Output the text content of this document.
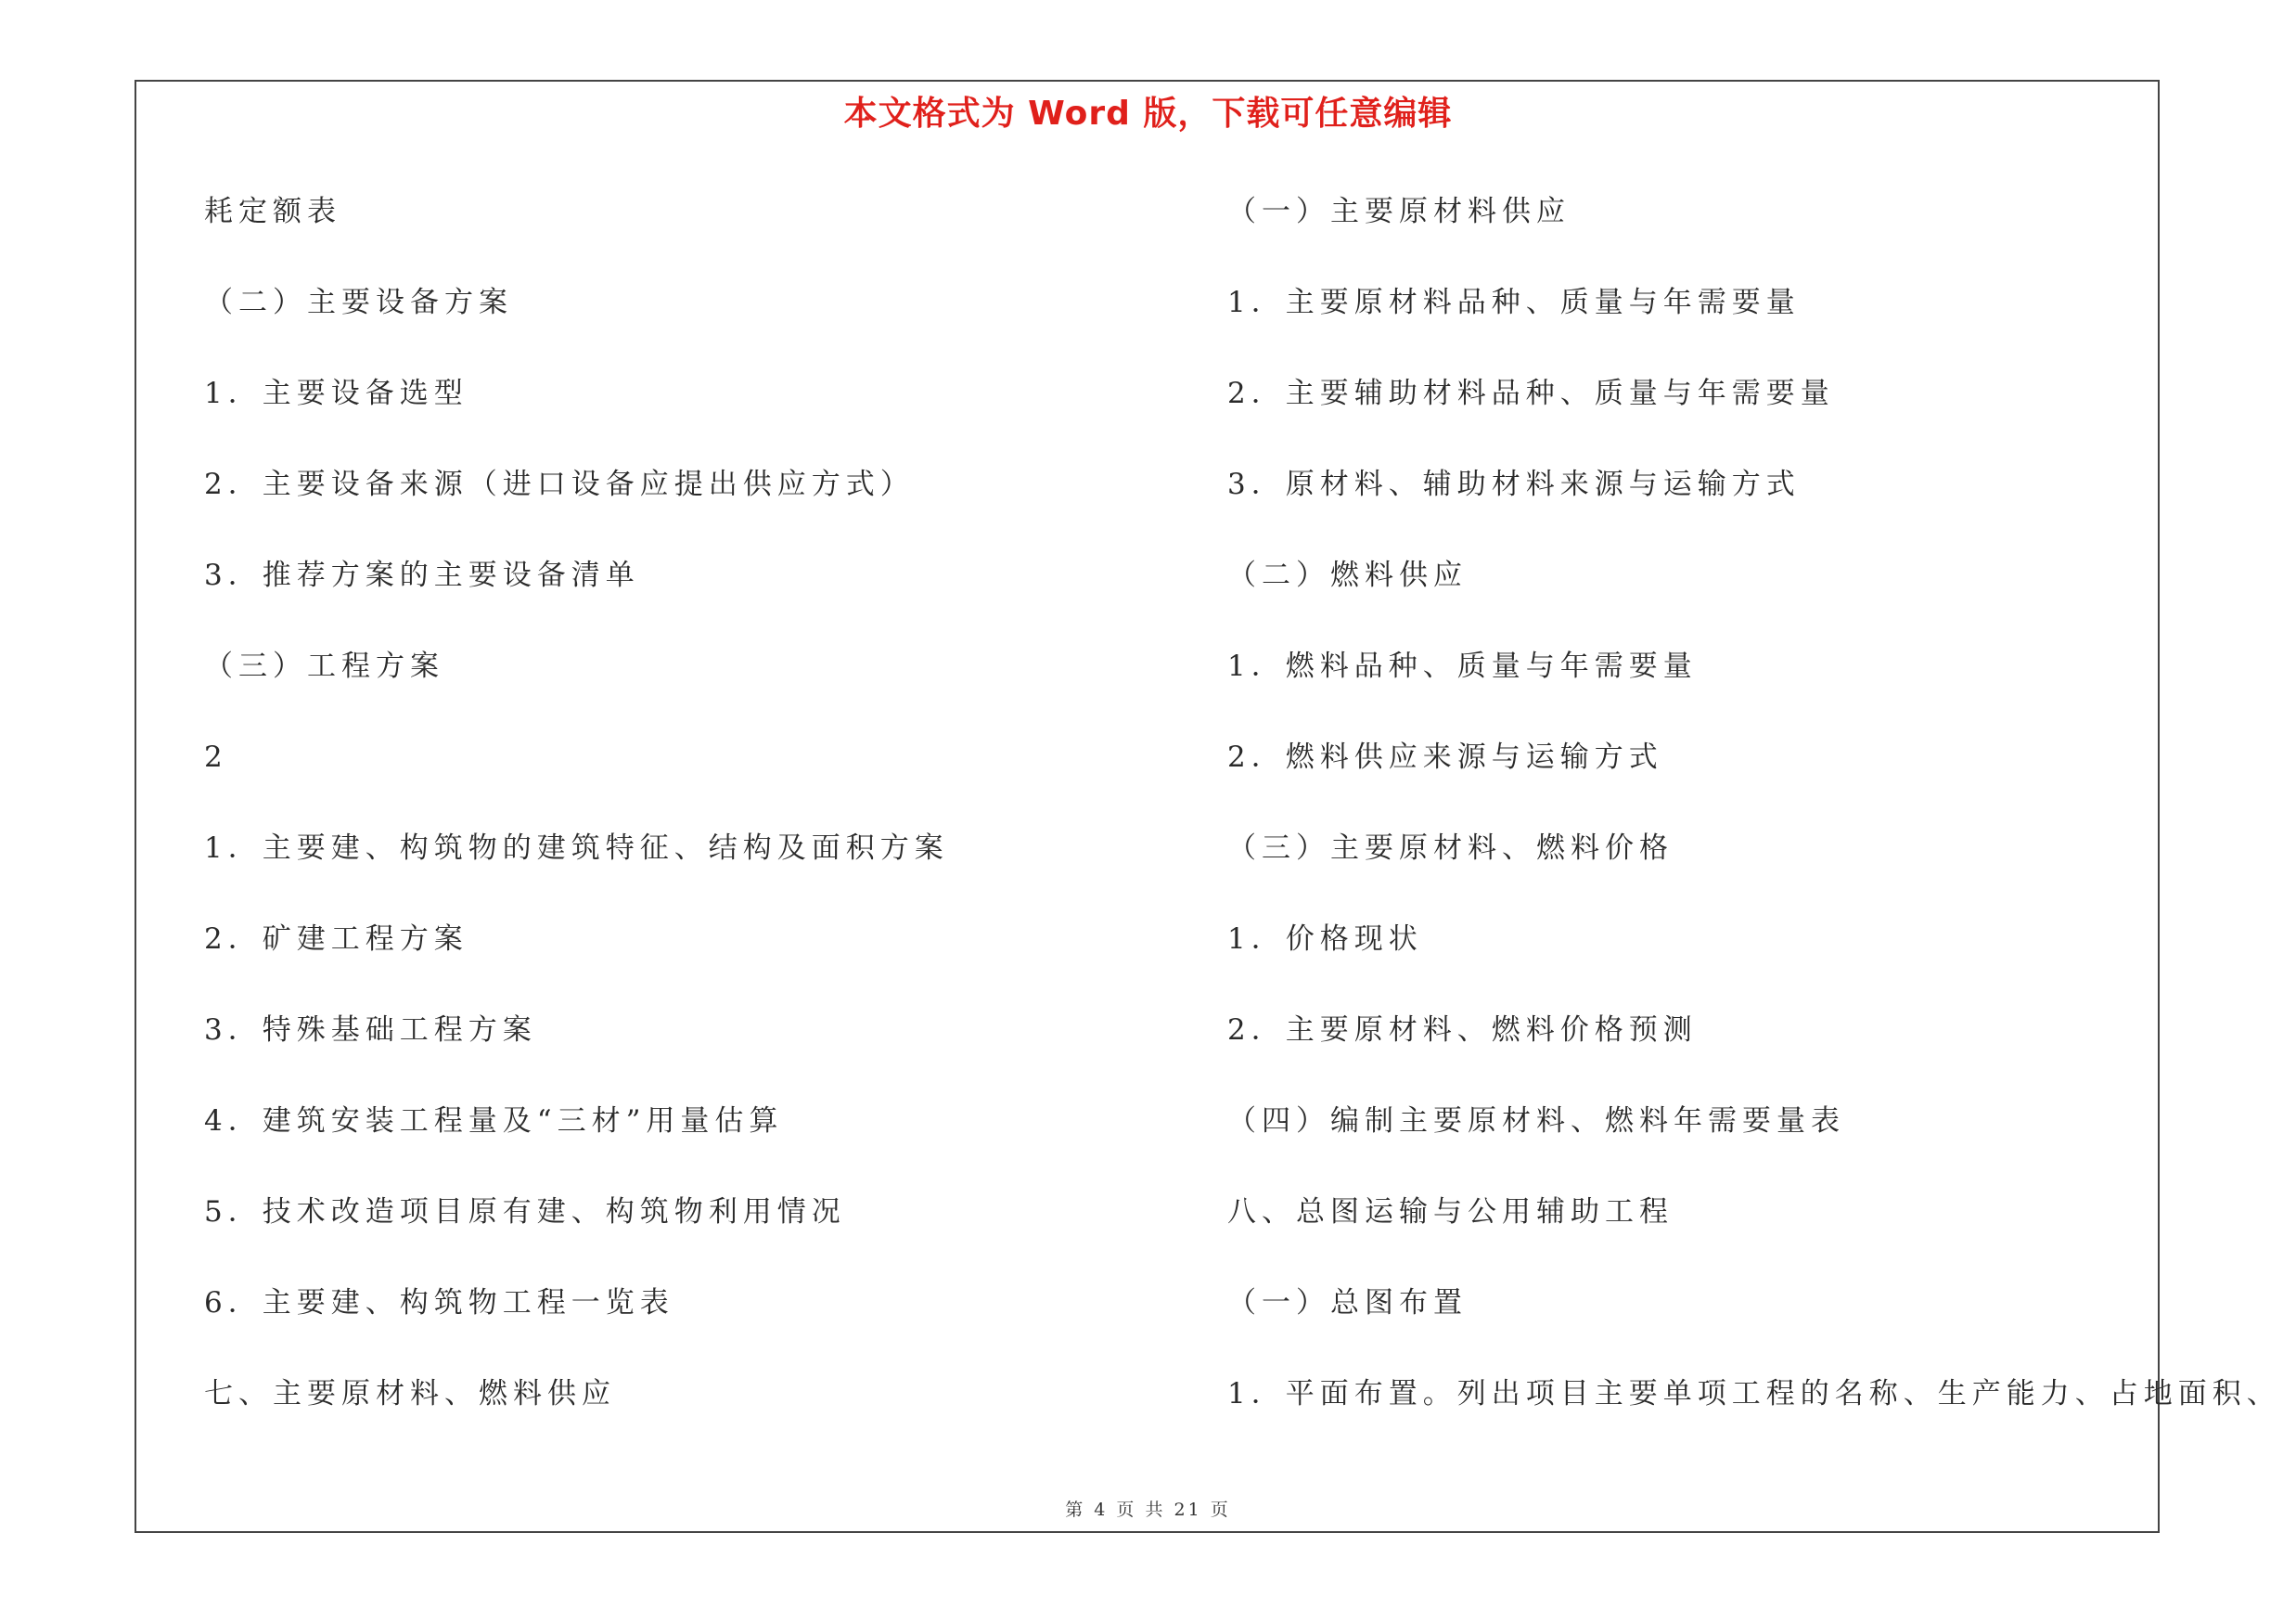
本文格式为 Word 版，下载可任意编辑
耗定额表
（二）主要设备方案
1．主要设备选型
2．主要设备来源（进口设备应提出供应方式）
3．推荐方案的主要设备清单
（三）工程方案
2
1．主要建、构筑物的建筑特征、结构及面积方案
2．矿建工程方案
3．特殊基础工程方案
4．建筑安装工程量及“三材”用量估算
5．技术改造项目原有建、构筑物利用情况
6．主要建、构筑物工程一览表
七、主要原材料、燃料供应
（一）主要原材料供应
1．主要原材料品种、质量与年需要量
2．主要辅助材料品种、质量与年需要量
3．原材料、辅助材料来源与运输方式
（二）燃料供应
1．燃料品种、质量与年需要量
2．燃料供应来源与运输方式
（三）主要原材料、燃料价格
1．价格现状
2．主要原材料、燃料价格预测
（四）编制主要原材料、燃料年需要量表
八、总图运输与公用辅助工程
（一）总图布置
1．平面布置。列出项目主要单项工程的名称、生产能力、占地面积、
第 4 页 共 21 页
